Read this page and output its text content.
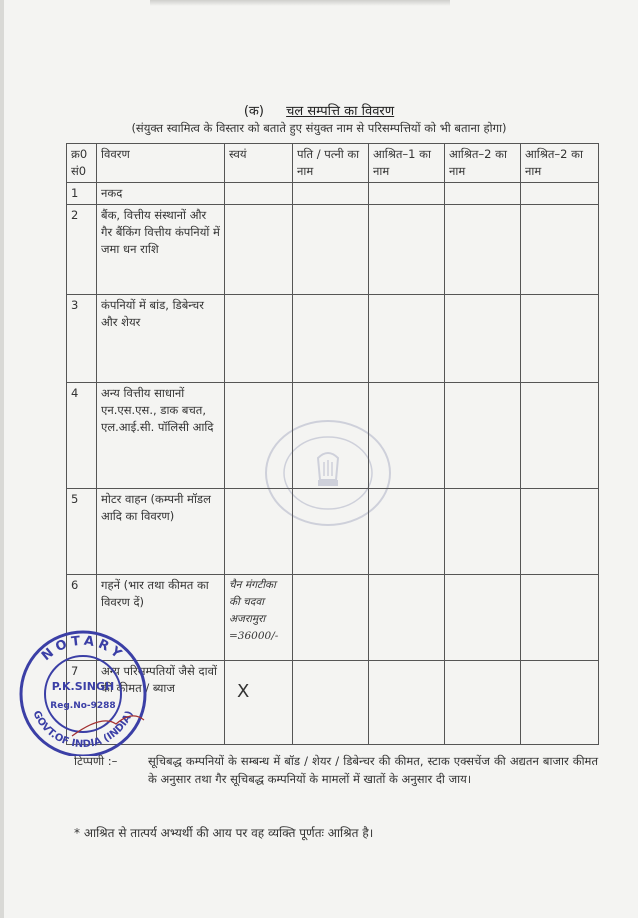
(क) चल सम्पत्ति का विवरण
(संयुक्त स्वामित्व के विस्तार को बताते हुए संयुक्त नाम से परिसम्पत्तियों को भी बताना होगा)
क्र0 सं0	विवरण	स्वयं	पति / पत्नी का नाम	आश्रित–1 का नाम	आश्रित–2 का नाम	आश्रित–2 का नाम
1	नकद					
2	बैंक, वित्तीय संस्थानों और गैर बैंकिंग वित्तीय कंपनियों में जमा धन राशि					
3	कंपनियों में बांड, डिबेन्चर और शेयर					
4	अन्य वित्तीय साधानों एन.एस.एस., डाक बचत, एल.आई.सी. पॉलिसी आदि					
5	मोटर वाहन (कम्पनी मॉडल आदि का विवरण)					
6	गहनें (भार तथा कीमत का विवरण दें)	चैन मंगटीका की चदवा अजरामुरा =36000/-				
7	अन्य परिसम्पतियों जैसे दावों की कीमत / ब्याज	X				

टिप्पणी :–	सूचिबद्ध कम्पनियों के सम्बन्ध में बॉड / शेयर / डिबेन्चर की कीमत, स्टाक एक्सचेंज की अद्यतन बाजार कीमत के अनुसार तथा गैर सूचिबद्ध कम्पनियों के मामलों में खातों के अनुसार दी जाय।
* आश्रित से तात्पर्य अभ्यर्थी की आय पर वह व्यक्ति पूर्णतः आश्रित है।
NOTARY
GOVT.OF INDIA (INDIA)
P.K.SINGH
Reg.No-9288
